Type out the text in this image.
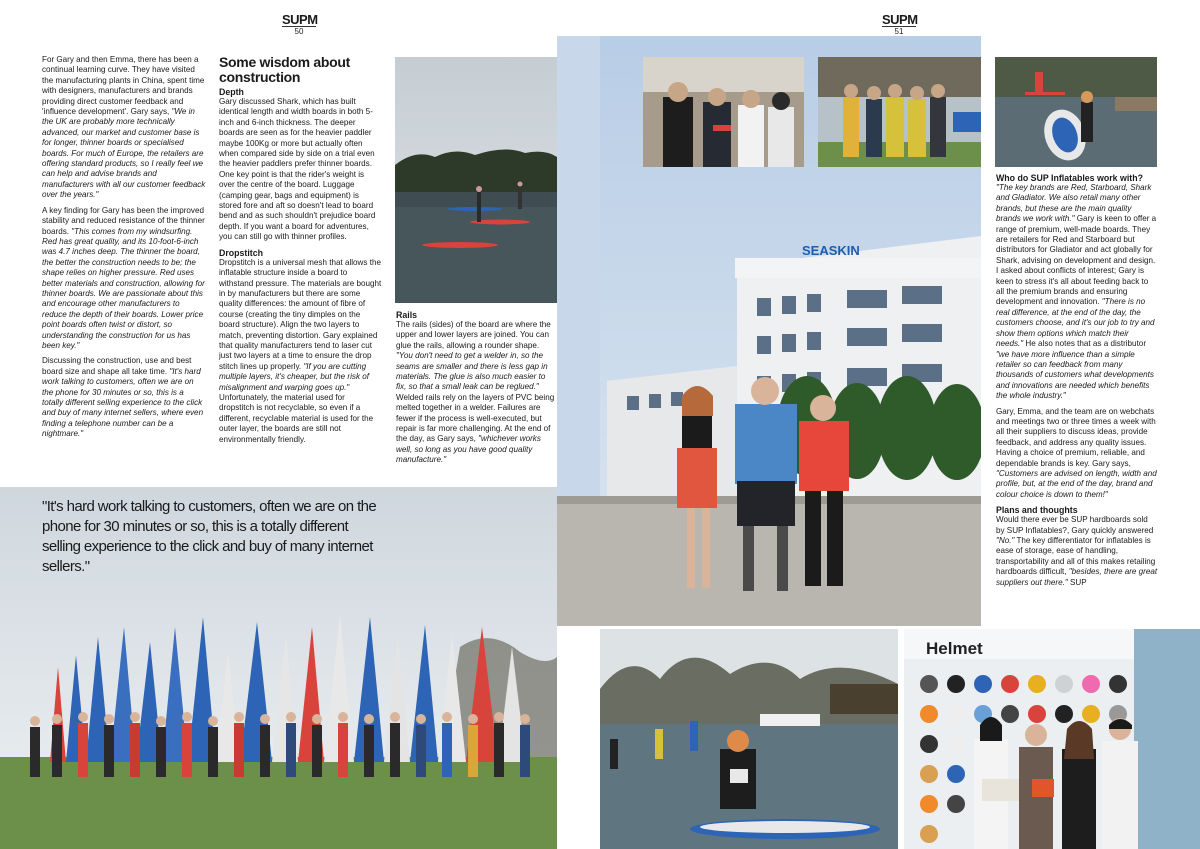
SUPM
50
SUPM
51

For Gary and then Emma, there has been a continual learning curve. They have visited the manufacturing plants in China, spent time with designers, manufacturers and brands providing direct customer feedback and 'influence development'. Gary says, "We in the UK are probably more technically advanced, our market and customer base is for longer, thinner boards or specialised boards. For much of Europe, the retailers are offering standard products, so I really feel we can help and advise brands and manufacturers with all our customer feedback over the years."

A key finding for Gary has been the improved stability and reduced resistance of the thinner boards. "This comes from my windsurfing. Red has great quality, and its 10-foot-6-inch was 4.7 inches deep. The thinner the board, the better the construction needs to be; the shape relies on higher pressure. Red uses better materials and construction, allowing for thinner boards. We are passionate about this and encourage other manufacturers to reduce the depth of their boards. Lower price point boards often twist or distort, so understanding the construction for us has been key."

Discussing the construction, use and best board size and shape all take time. "It's hard work talking to customers, often we are on the phone for 30 minutes or so, this is a totally different selling experience to the click and buy of many internet sellers, where even finding a telephone number can be a nightmare."

Some wisdom about construction
Depth

Gary discussed Shark, which has built identical length and width boards in both 5-inch and 6-inch thickness. The deeper boards are seen as for the heavier paddler maybe 100Kg or more but actually often when compared side by side on a trial even the heavier paddlers prefer thinner boards. One key point is that the rider's weight is over the centre of the board. Luggage (camping gear, bags and equipment) is stored fore and aft so doesn't lead to board bend and as such shouldn't prejudice board depth. If you want a board for adventures, you can still go with thinner profiles.

Dropstitch

Dropstitch is a universal mesh that allows the inflatable structure inside a board to withstand pressure. The materials are bought in by manufacturers but there are some quality differences: the amount of fibre of course (creating the tiny dimples on the board structure). Align the two layers to match, preventing distortion. Gary explained that quality manufacturers tend to laser cut just two layers at a time to ensure the drop stitch lines up properly. "If you are cutting multiple layers, it's cheaper, but the risk of misalignment and warping goes up." Unfortunately, the material used for dropstitch is not recyclable, so even if a different, recyclable material is used for the outer layer, the boards are still not environmentally friendly.

Rails

The rails (sides) of the board are where the upper and lower layers are joined. You can glue the rails, allowing a rounder shape. "You don't need to get a welder in, so the seams are smaller and there is less gap in materials. The glue is also much easier to fix, so that a small leak can be reglued." Welded rails rely on the layers of PVC being melted together in a welder. Failures are fewer if the process is well-executed, but repair is far more challenging. At the end of the day, as Gary says, "whichever works well, so long as you have good quality manufacture."

"It's hard work talking to customers, often we are on the phone for 30 minutes or so, this is a totally different selling experience to the click and buy of many internet sellers."
SEASKIN
Who do SUP Inflatables work with?

"The key brands are Red, Starboard, Shark and Gladiator. We also retail many other brands, but these are the main quality brands we work with." Gary is keen to offer a range of premium, well-made boards. They are retailers for Red and Starboard but distributors for Gladiator and act globally for Shark, advising on development and design. I asked about conflicts of interest; Gary is keen to stress it's all about feeding back to all the premium brands and ensuring development and innovation. "There is no real difference, at the end of the day, the customers choose, and it's our job to try and show them options which match their needs." He also notes that as a distributor "we have more influence than a simple retailer so can feedback from many thousands of customers what developments and innovations are needed which benefits the whole industry."

Gary, Emma, and the team are on webchats and meetings two or three times a week with all their suppliers to discuss ideas, provide feedback, and address any quality issues. Having a choice of premium, reliable, and dependable brands is key. Gary says, "Customers are advised on length, width and profile, but, at the end of the day, brand and colour choice is down to them!"

Plans and thoughts

Would there ever be SUP hardboards sold by SUP Inflatables?, Gary quickly answered "No." The key differentiator for inflatables is ease of storage, ease of handling, transportability and all of this makes retailing hardboards difficult, "besides, there are great suppliers out there." SUP

Helmet
